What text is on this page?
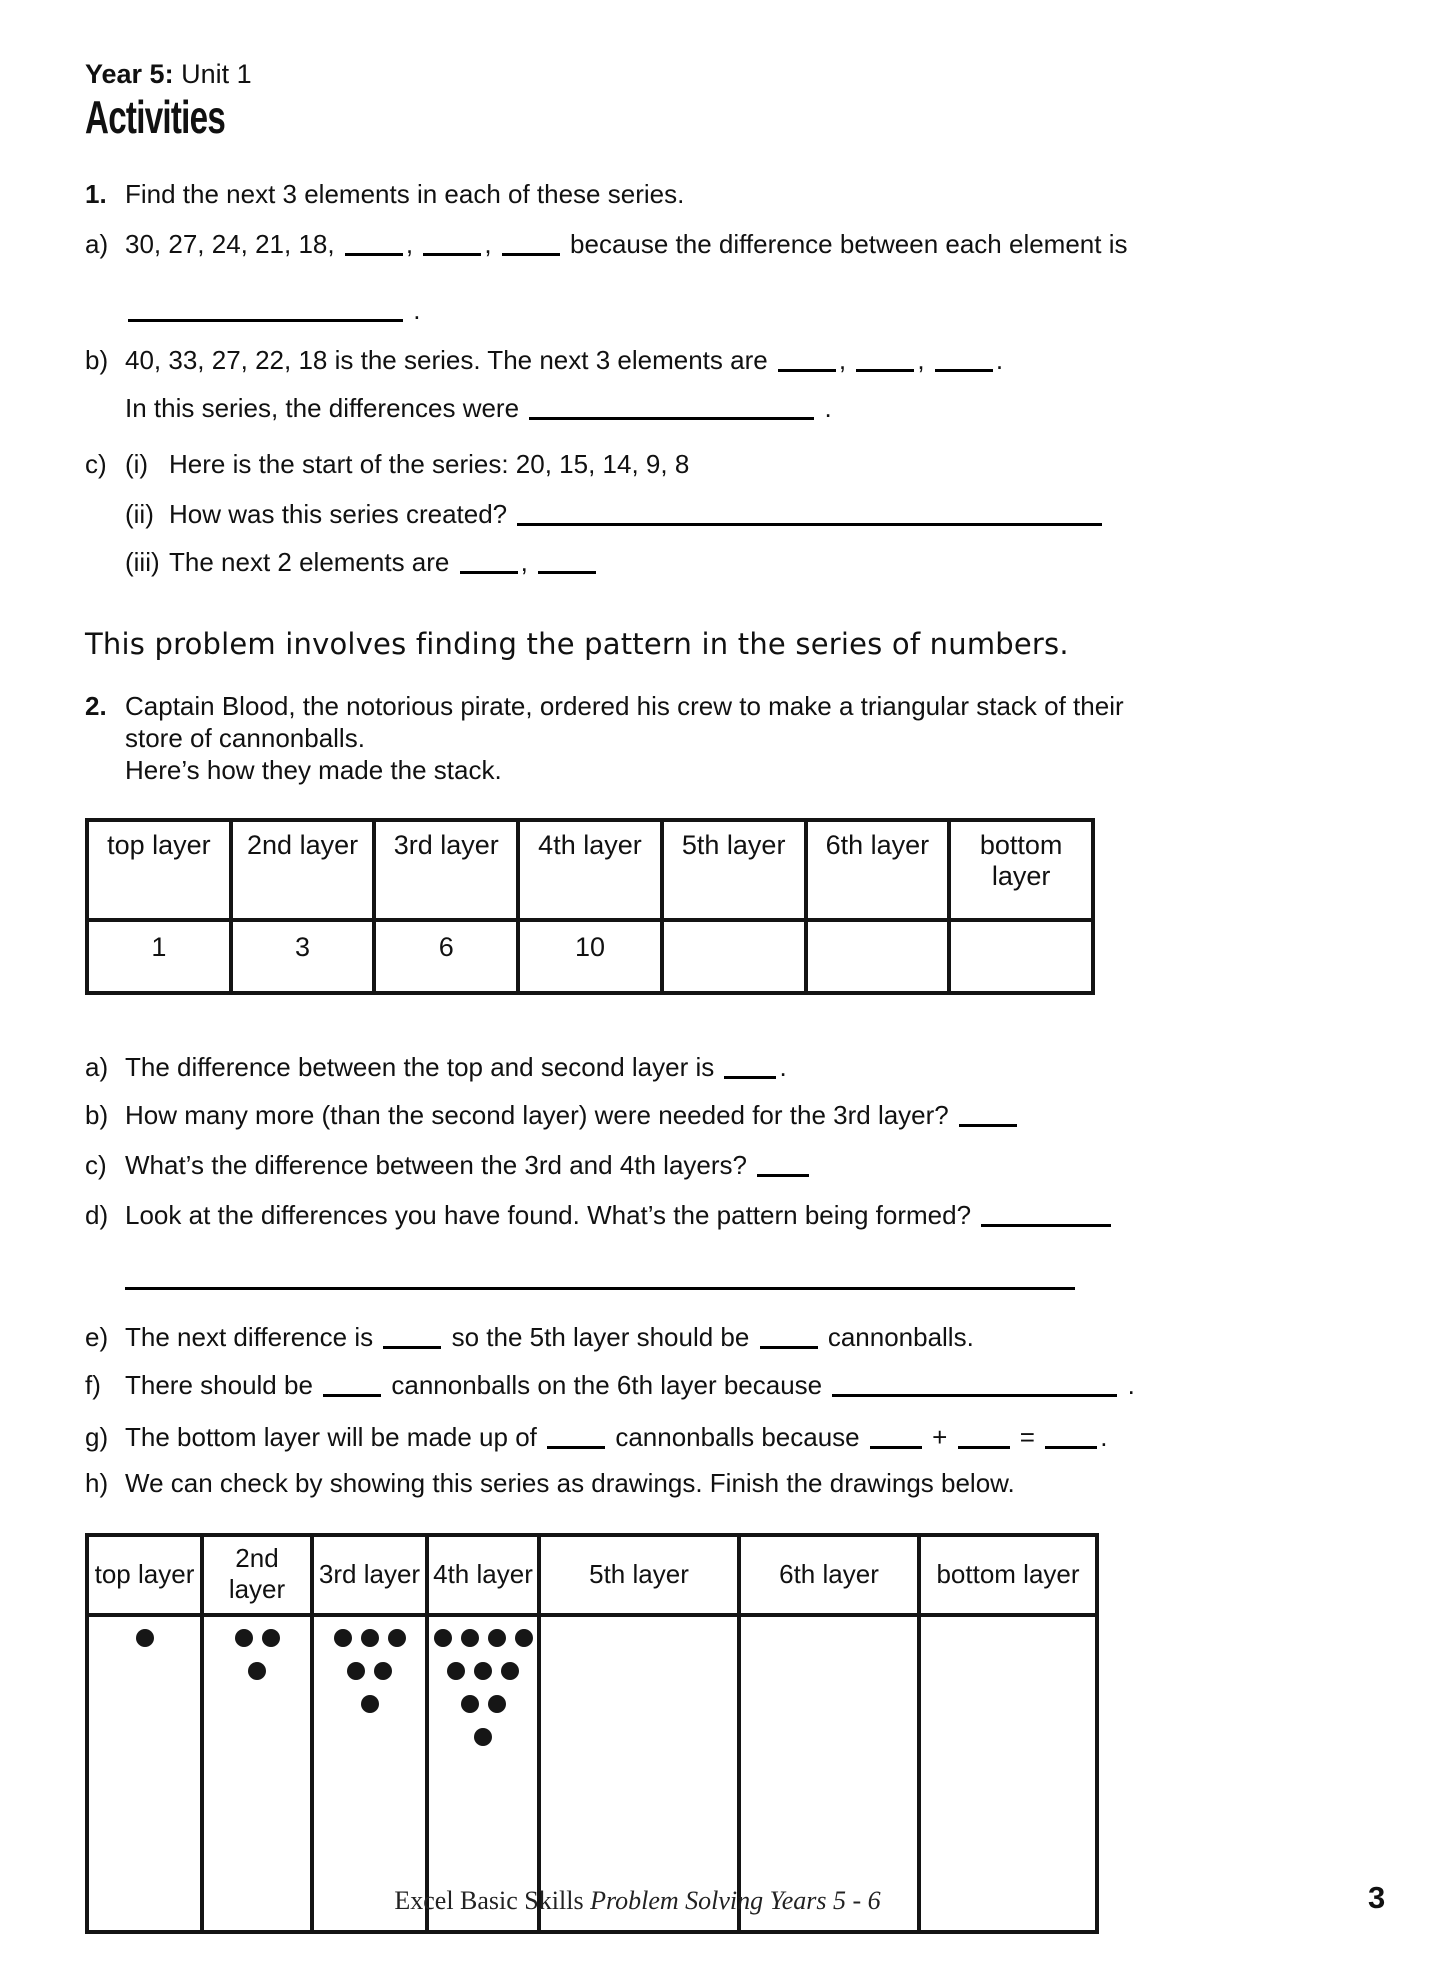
Year 5: Unit 1
Activities
1. Find the next 3 elements in each of these series.
a) 30, 27, 24, 21, 18,	,	,	because the difference between each element is
.
b) 40, 33, 27, 22, 18 is the series. The next 3 elements are	,	,	.
In this series, the differences were	.
c) (i) Here is the start of the series: 20, 15, 14, 9, 8
(ii) How was this series created?
(iii) The next 2 elements are	,
This problem involves finding the pattern in the series of numbers.
2. Captain Blood, the notorious pirate, ordered his crew to make a triangular stack of their
store of cannonballs.
Here’s how they made the stack.
top layer	2nd layer	3rd layer	4th layer	5th layer	6th layer	bottom layer
1	3	6	10			
a) The difference between the top and second layer is	.
b) How many more (than the second layer) were needed for the 3rd layer?
c) What’s the difference between the 3rd and 4th layers?
d) Look at the differences you have found. What’s the pattern being formed?
e) The next difference is	so the 5th layer should be	cannonballs.
f) There should be	cannonballs on the 6th layer because	.
g) The bottom layer will be made up of	cannonballs because	+	=	.
h) We can check by showing this series as drawings. Finish the drawings below.
top layer	2nd layer	3rd layer	4th layer	5th layer	6th layer	bottom layer

Excel Basic Skills Problem Solving Years 5 - 6	3
